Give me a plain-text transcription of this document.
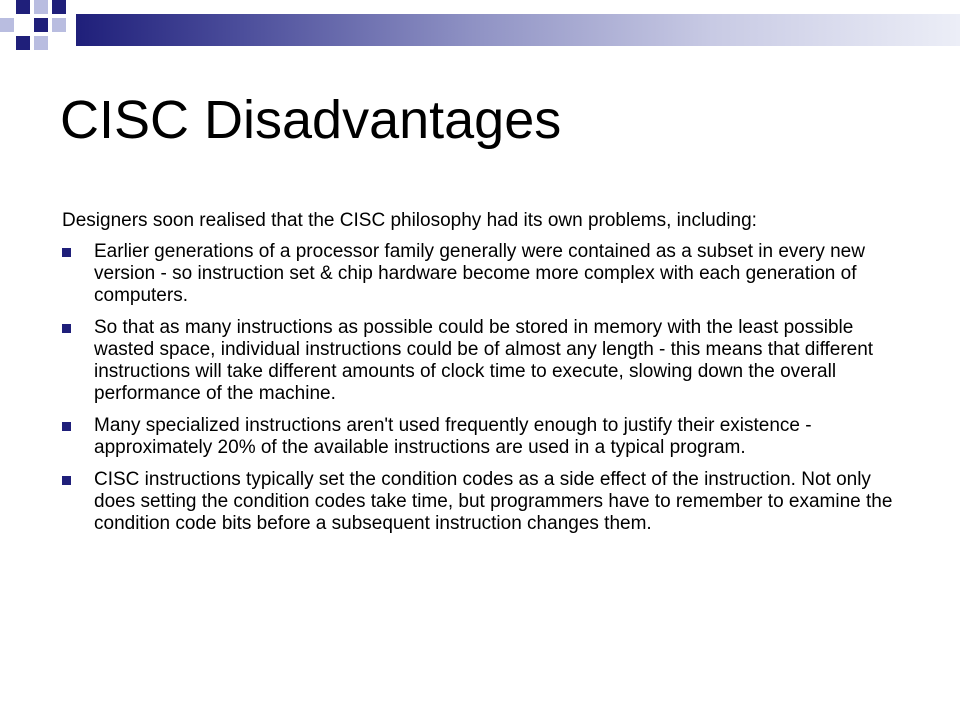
CISC Disadvantages

Designers soon realised that the CISC philosophy had its own problems, including:

Earlier generations of a processor family generally were contained as a subset in every new version - so instruction set & chip hardware become more complex with each generation of computers.
So that as many instructions as possible could be stored in memory with the least possible wasted space, individual instructions could be of almost any length - this means that different instructions will take different amounts of clock time to execute, slowing down the overall performance of the machine.
Many specialized instructions aren't used frequently enough to justify their existence -approximately 20% of the available instructions are used in a typical program.
CISC instructions typically set the condition codes as a side effect of the instruction. Not only does setting the condition codes take time, but programmers have to remember to examine the condition code bits before a subsequent instruction changes them.
